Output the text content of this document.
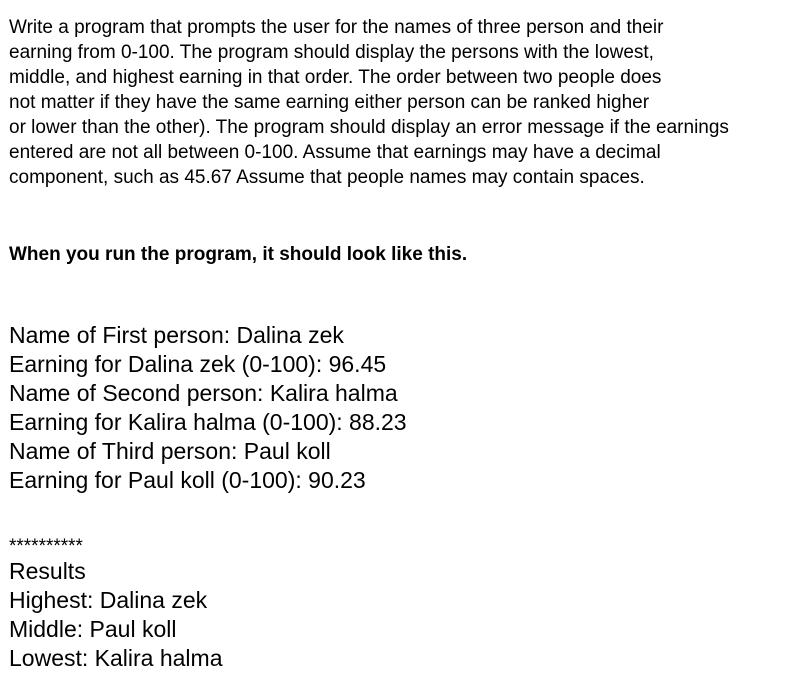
Write a program that prompts the user for the names of three person and their
earning from 0-100. The program should display the persons with the lowest,
middle, and highest earning in that order. The order between two people does
not matter if they have the same earning either person can be ranked higher
or lower than the other). The program should display an error message if the earnings
entered are not all between 0-100. Assume that earnings may have a decimal
component, such as 45.67 Assume that people names may contain spaces.
When you run the program, it should look like this.
Name of First person: Dalina zek
Earning for Dalina zek (0-100): 96.45
Name of Second person: Kalira halma
Earning for Kalira halma (0-100): 88.23
Name of Third person: Paul koll
Earning for Paul koll (0-100): 90.23
**********
Results
Highest: Dalina zek
Middle: Paul koll
Lowest: Kalira halma
